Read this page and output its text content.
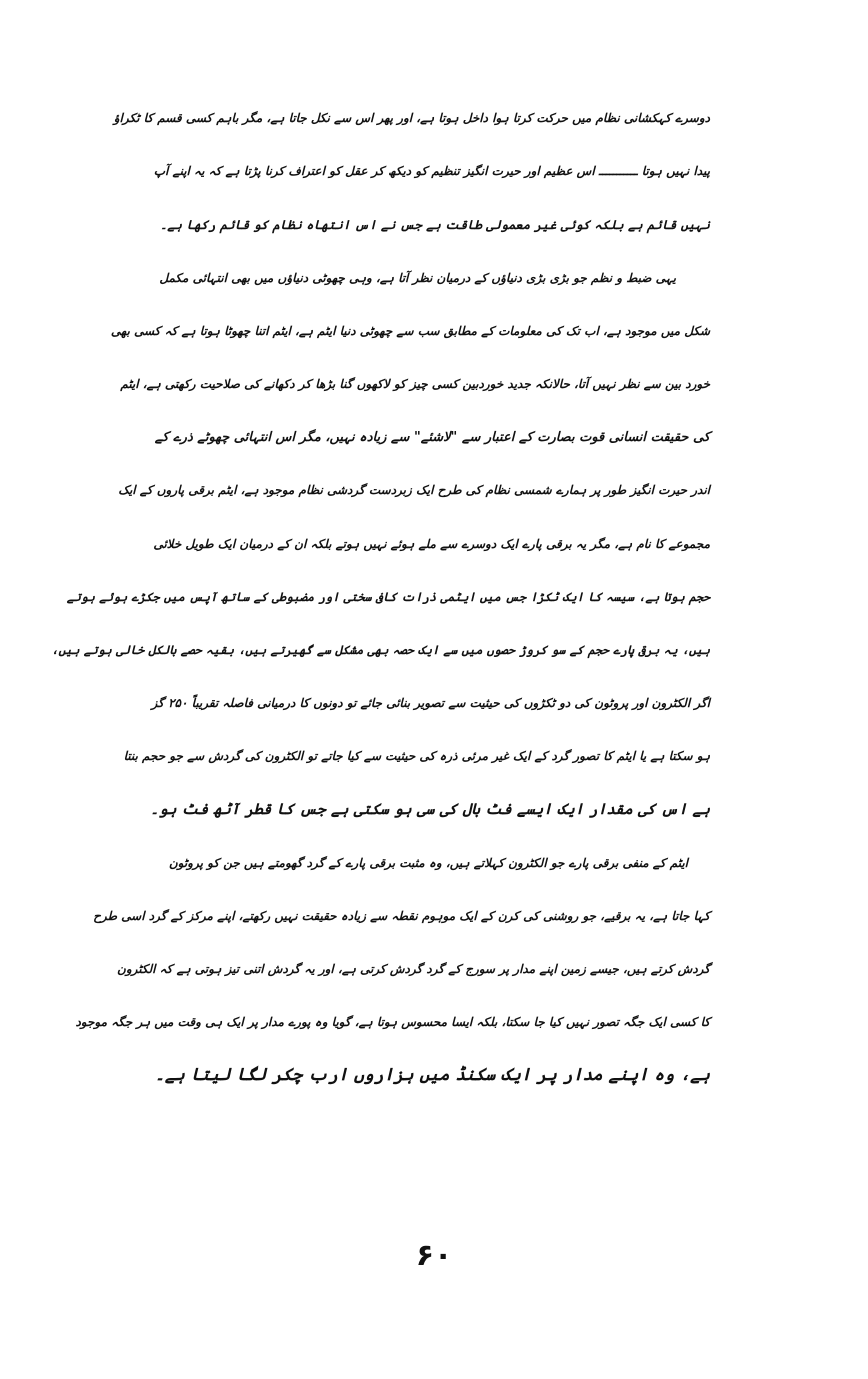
دوسرے کہکشانی نظام میں حرکت کرتا ہوا داخل ہوتا ہے، اور پھر اس سے نکل جاتا ہے، مگر باہم کسی قسم کا ٹکراؤ
پیدا نہیں ہوتا ـــــــــــ اس عظیم اور حیرت انگیز تنظیم کو دیکھ کر عقل کو اعتراف کرنا پڑتا ہے کہ یہ اپنے آپ
نہیں قائم ہے بلکہ کوئی غیر معمولی طاقت ہے جس نے اس انتھاہ نظام کو قائم رکھا ہے۔
یہی ضبط و نظم جو بڑی بڑی دنیاؤں کے درمیان نظر آتا ہے، وہی چھوٹی دنیاؤں میں بھی انتہائی مکمل
شکل میں موجود ہے، اب تک کی معلومات کے مطابق سب سے چھوٹی دنیا ایٹم ہے، ایٹم اتنا چھوٹا ہوتا ہے کہ کسی بھی
خورد بین سے نظر نہیں آتا، حالانکہ جدید خوردبین کسی چیز کو لاکھوں گنا بڑھا کر دکھانے کی صلاحیت رکھتی ہے، ایٹم
کی حقیقت انسانی قوت بصارت کے اعتبار سے "لاشئے" سے زیادہ نہیں، مگر اس انتہائی چھوٹے ذرے کے
اندر حیرت انگیز طور پر ہمارے شمسی نظام کی طرح ایک زبردست گردشی نظام موجود ہے، ایٹم برقی پاروں کے ایک
مجموعے کا نام ہے، مگر یہ برقی پارے ایک دوسرے سے ملے ہوئے نہیں ہوتے بلکہ ان کے درمیان ایک طویل خلائی
حجم ہوتا ہے، سیسہ کا ایک ٹکڑا جس میں ایٹمی ذرات کافی سختی اور مضبوطی کے ساتھ آپس میں جکڑے ہوئے ہوتے
ہیں، یہ برقی پارے حجم کے سو کروڑ حصوں میں سے ایک حصہ بھی مشکل سے گھیرتے ہیں، بقیہ حصے بالکل خالی ہوتے ہیں،
اگر الکٹرون اور پروٹون کی دو ٹکڑوں کی حیثیت سے تصویر بنائی جائے تو دونوں کا درمیانی فاصلہ تقریباً ۲۵۰ گز
ہو سکتا ہے یا ایٹم کا تصور گرد کے ایک غیر مرئی ذرہ کی حیثیت سے کیا جاتے تو الکٹرون کی گردش سے جو حجم بنتا
ہے اس کی مقدار ایک ایسے فٹ بال کی سی ہو سکتی ہے جس کا قطر آٹھ فٹ ہو۔
ایٹم کے منفی برقی پارے جو الکٹرون کہلاتے ہیں، وہ مثبت برقی پارے کے گرد گھومتے ہیں جن کو پروٹون
کہا جاتا ہے، یہ برقیے، جو روشنی کی کرن کے ایک موہوم نقطہ سے زیادہ حقیقت نہیں رکھتے، اپنے مرکز کے گرد اسی طرح
گردش کرتے ہیں، جیسے زمین اپنے مدار پر سورج کے گرد گردش کرتی ہے، اور یہ گردش اتنی تیز ہوتی ہے کہ الکٹرون
کا کسی ایک جگہ تصور نہیں کیا جا سکتا، بلکہ ایسا محسوس ہوتا ہے، گویا وہ پورے مدار پر ایک ہی وقت میں ہر جگہ موجود
ہے، وہ اپنے مدار پر ایک سکنڈ میں ہزاروں ارب چکر لگا لیتا ہے۔
۶۰
